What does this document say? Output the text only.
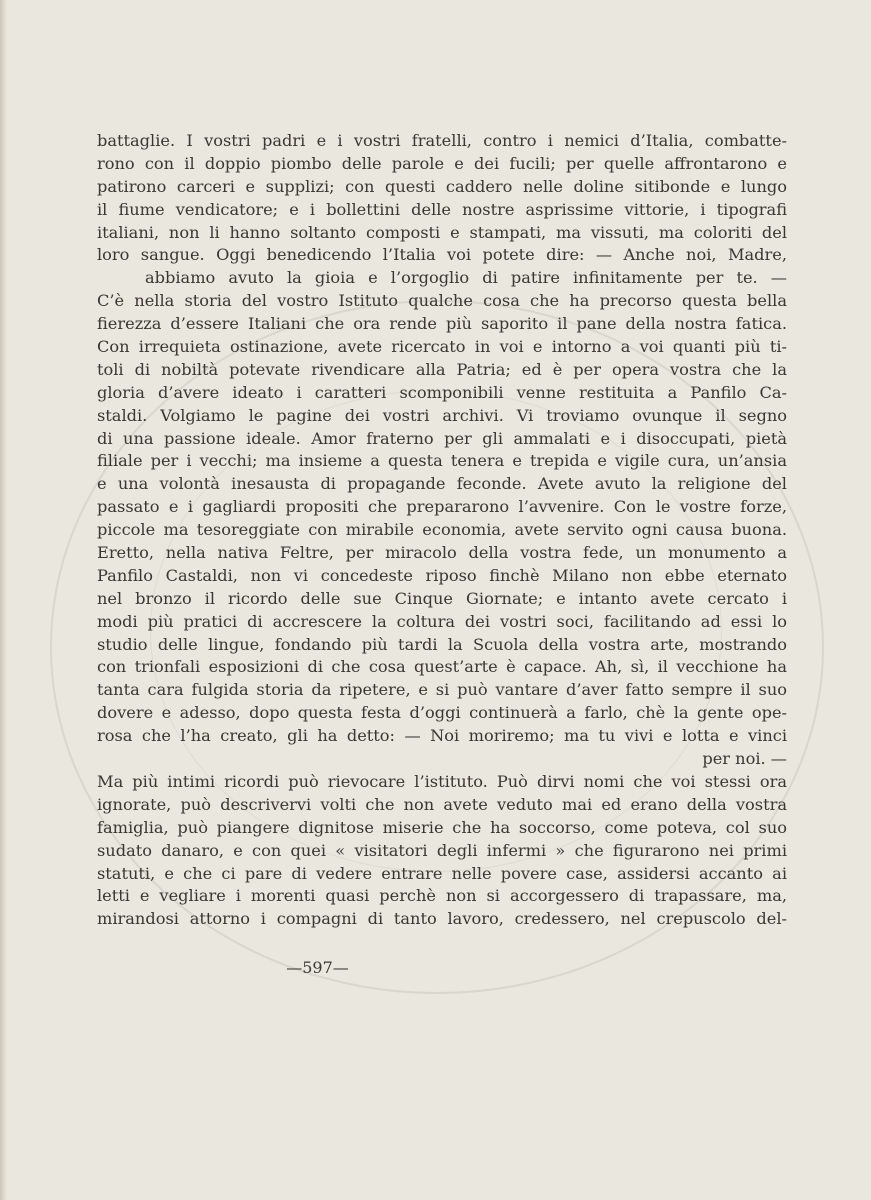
battaglie. I vostri padri e i vostri fratelli, contro i nemici d’Italia, combatte-
rono con il doppio piombo delle parole e dei fucili; per quelle affrontarono e
patirono carceri e supplizi; con questi caddero nelle doline sitibonde e lungo
il fiume vendicatore; e i bollettini delle nostre asprissime vittorie, i tipografi
italiani, non li hanno soltanto composti e stampati, ma vissuti, ma coloriti del
loro sangue. Oggi benedicendo l’Italia voi potete dire: — Anche noi, Madre,
abbiamo avuto la gioia e l’orgoglio di patire infinitamente per te. —
C’è nella storia del vostro Istituto qualche cosa che ha precorso questa bella
fierezza d’essere Italiani che ora rende più saporito il pane della nostra fatica.
Con irrequieta ostinazione, avete ricercato in voi e intorno a voi quanti più ti-
toli di nobiltà potevate rivendicare alla Patria; ed è per opera vostra che la
gloria d’avere ideato i caratteri scomponibili venne restituita a Panfilo Ca-
staldi. Volgiamo le pagine dei vostri archivi. Vi troviamo ovunque il segno
di una passione ideale. Amor fraterno per gli ammalati e i disoccupati, pietà
filiale per i vecchi; ma insieme a questa tenera e trepida e vigile cura, un’ansia
e una volontà inesausta di propagande feconde. Avete avuto la religione del
passato e i gagliardi propositi che prepararono l’avvenire. Con le vostre forze,
piccole ma tesoreggiate con mirabile economia, avete servito ogni causa buona.
Eretto, nella nativa Feltre, per miracolo della vostra fede, un monumento a
Panfilo Castaldi, non vi concedeste riposo finchè Milano non ebbe eternato
nel bronzo il ricordo delle sue Cinque Giornate; e intanto avete cercato i
modi più pratici di accrescere la coltura dei vostri soci, facilitando ad essi lo
studio delle lingue, fondando più tardi la Scuola della vostra arte, mostrando
con trionfali esposizioni di che cosa quest’arte è capace. Ah, sì, il vecchione ha
tanta cara fulgida storia da ripetere, e si può vantare d’aver fatto sempre il suo
dovere e adesso, dopo questa festa d’oggi continuerà a farlo, chè la gente ope-
rosa che l’ha creato, gli ha detto: — Noi moriremo; ma tu vivi e lotta e vinci
per noi. —
Ma più intimi ricordi può rievocare l’istituto. Può dirvi nomi che voi stessi ora
ignorate, può descrivervi volti che non avete veduto mai ed erano della vostra
famiglia, può piangere dignitose miserie che ha soccorso, come poteva, col suo
sudato danaro, e con quei « visitatori degli infermi » che figurarono nei primi
statuti, e che ci pare di vedere entrare nelle povere case, assidersi accanto ai
letti e vegliare i morenti quasi perchè non si accorgessero di trapassare, ma,
mirandosi attorno i compagni di tanto lavoro, credessero, nel crepuscolo del-
—597—
